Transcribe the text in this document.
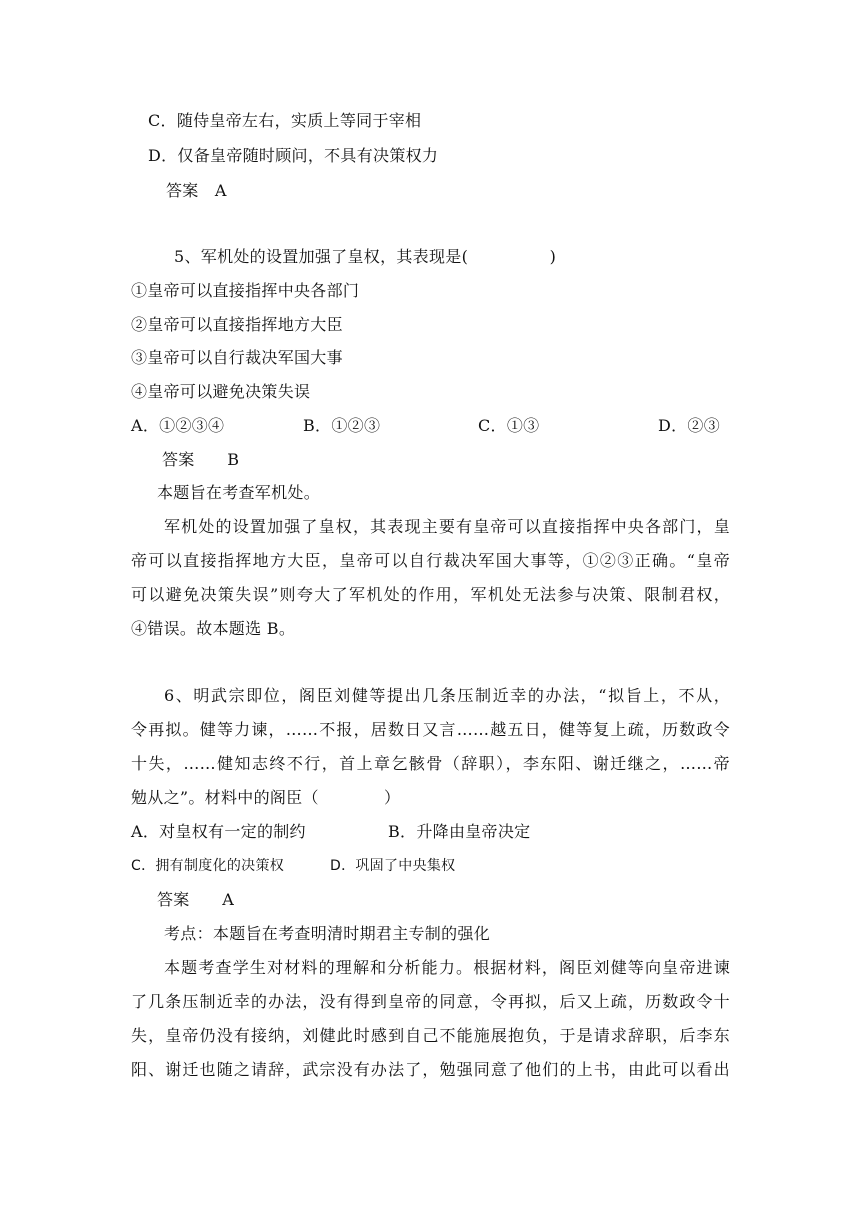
C．随侍皇帝左右，实质上等同于宰相
D．仅备皇帝随时顾问，不具有决策权力
答案　A
5、军机处的设置加强了皇权，其表现是(　　　　　)
①皇帝可以直接指挥中央各部门
②皇帝可以直接指挥地方大臣
③皇帝可以自行裁决军国大事
④皇帝可以避免决策失误
A．①②③④	B．①②③	C．①③	D．②③
答案　　B
本题旨在考查军机处。
军机处的设置加强了皇权，其表现主要有皇帝可以直接指挥中央各部门，皇
帝可以直接指挥地方大臣，皇帝可以自行裁决军国大事等，①②③正确。“皇帝
可以避免决策失误”则夸大了军机处的作用，军机处无法参与决策、限制君权，
④错误。故本题选 B。
6、明武宗即位，阁臣刘健等提出几条压制近幸的办法，“拟旨上，不从，
令再拟。健等力谏，……不报，居数日又言……越五日，健等复上疏，历数政令
十失，……健知志终不行，首上章乞骸骨（辞职），李东阳、谢迁继之，……帝
勉从之”。材料中的阁臣（　　　　）
A．对皇权有一定的制约	B．升降由皇帝决定
C．拥有制度化的决策权	D．巩固了中央集权
答案　　A
考点：本题旨在考查明清时期君主专制的强化
本题考查学生对材料的理解和分析能力。根据材料，阁臣刘健等向皇帝进谏
了几条压制近幸的办法，没有得到皇帝的同意，令再拟，后又上疏，历数政令十
失，皇帝仍没有接纳，刘健此时感到自己不能施展抱负，于是请求辞职，后李东
阳、谢迁也随之请辞，武宗没有办法了，勉强同意了他们的上书，由此可以看出
